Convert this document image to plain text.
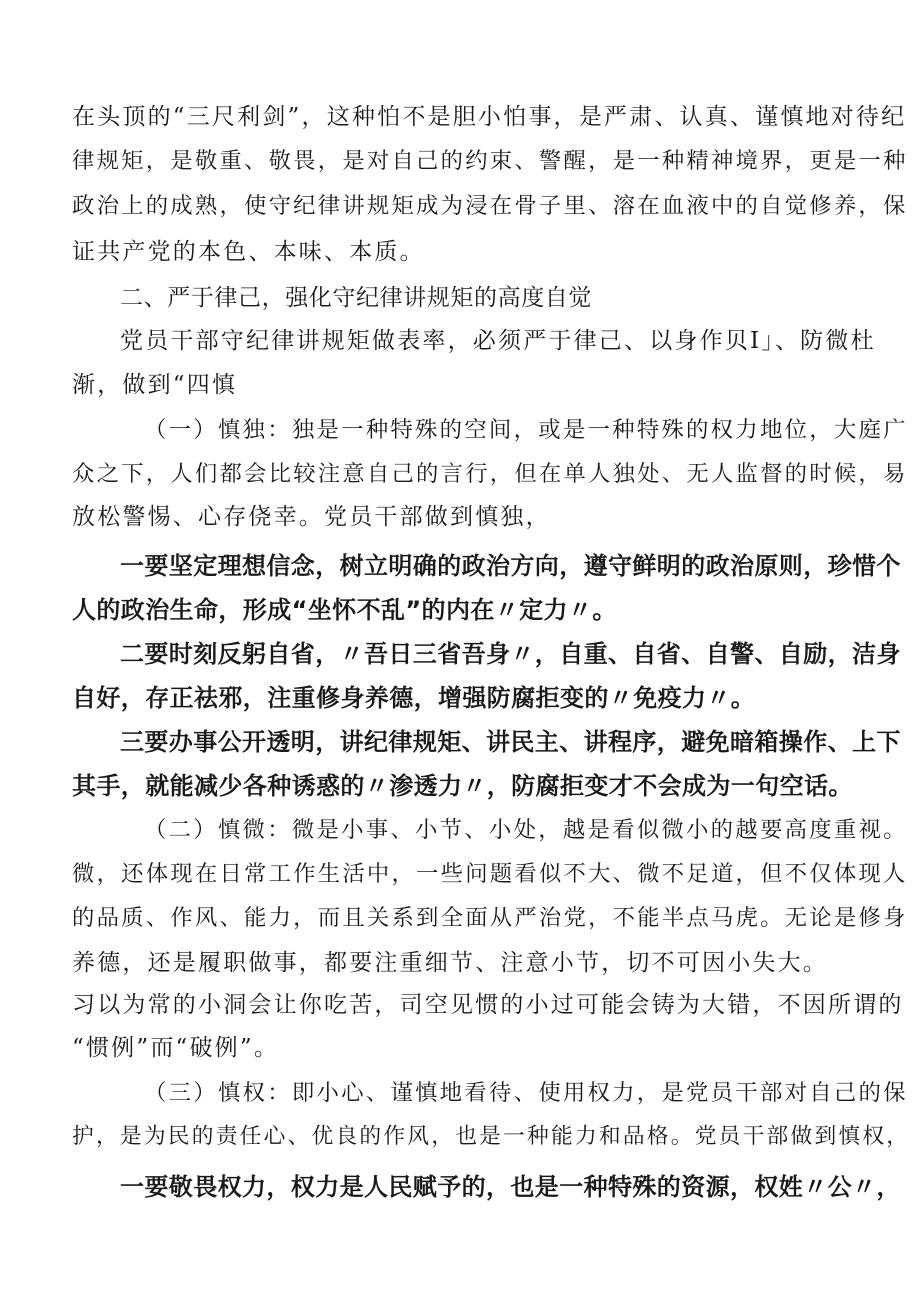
在头顶的“三尺利剑”，这种怕不是胆小怕事，是严肃、认真、谨慎地对待纪

律规矩，是敬重、敬畏，是对自己的约束、警醒，是一种精神境界，更是一种

政治上的成熟，使守纪律讲规矩成为浸在骨子里、溶在血液中的自觉修养，保

证共产党的本色、本味、本质。

二、严于律己，强化守纪律讲规矩的高度自觉

党员干部守纪律讲规矩做表率，必须严于律己、以身作贝I」、防微杜

渐，做到“四慎

（一）慎独：独是一种特殊的空间，或是一种特殊的权力地位，大庭广

众之下，人们都会比较注意自己的言行，但在单人独处、无人监督的时候，易

放松警惕、心存侥幸。党员干部做到慎独，

一要坚定理想信念，树立明确的政治方向，遵守鲜明的政治原则，珍惜个

人的政治生命，形成“坐怀不乱”的内在〃定力〃。

二要时刻反躬自省，〃吾日三省吾身〃，自重、自省、自警、自励，洁身

自好，存正祛邪，注重修身养德，增强防腐拒变的〃免疫力〃。

三要办事公开透明，讲纪律规矩、讲民主、讲程序，避免暗箱操作、上下

其手，就能减少各种诱惑的〃渗透力〃，防腐拒变才不会成为一句空话。

（二）慎微：微是小事、小节、小处，越是看似微小的越要高度重视。

微，还体现在日常工作生活中，一些问题看似不大、微不足道，但不仅体现人

的品质、作风、能力，而且关系到全面从严治党，不能半点马虎。无论是修身

养德，还是履职做事，都要注重细节、注意小节，切不可因小失大。

习以为常的小洞会让你吃苦，司空见惯的小过可能会铸为大错，不因所谓的

“惯例”而“破例”。

（三）慎权：即小心、谨慎地看待、使用权力，是党员干部对自己的保

护，是为民的责任心、优良的作风，也是一种能力和品格。党员干部做到慎权，

一要敬畏权力，权力是人民赋予的，也是一种特殊的资源，权姓〃公〃，
